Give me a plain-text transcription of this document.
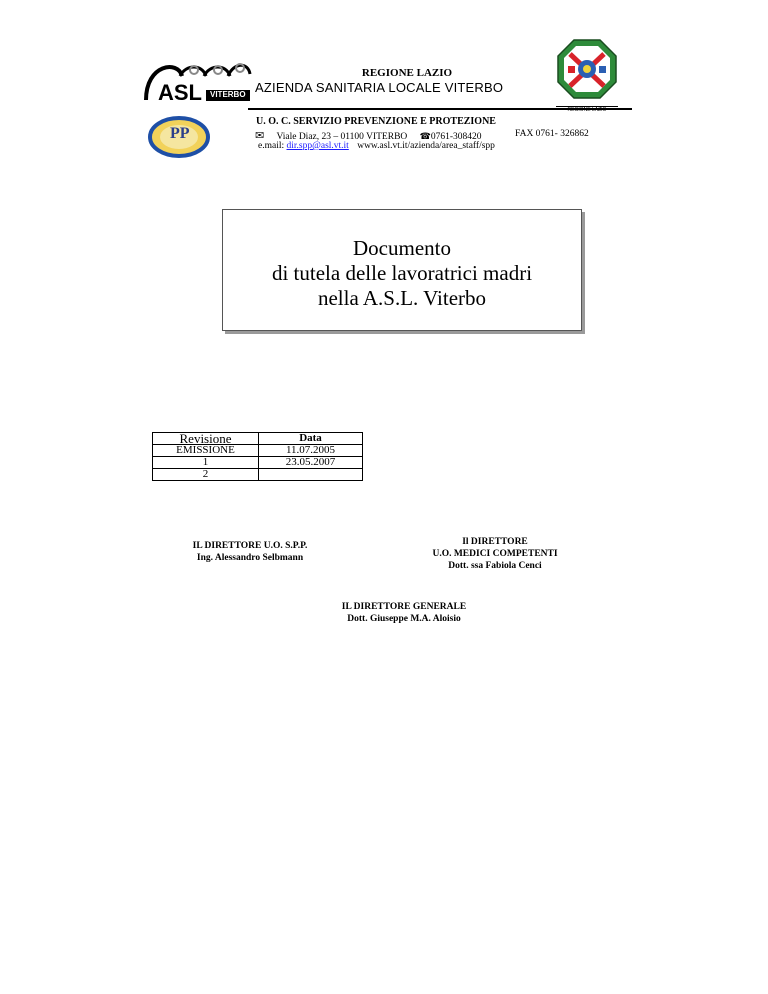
ASL VITERBO
REGIONE LAZIO
AZIENDA SANITARIA LOCALE VITERBO
REGIONE LAZIO
PP
U. O. C. SERVIZIO PREVENZIONE E PROTEZIONE
✉ Viale Diaz, 23 – 01100 VITERBO ☎0761-308420	FAX 0761- 326862
e.mail: dir.spp@asl.vt.it www.asl.vt.it/azienda/area_staff/spp
Documento
di tutela delle lavoratrici madri
nella A.S.L. Viterbo
Revisione	Data
EMISSIONE	11.07.2005
1	23.05.2007
2	
IL DIRETTORE U.O. S.P.P.
Ing. Alessandro Selbmann
Il DIRETTORE
U.O. MEDICI COMPETENTI
Dott. ssa Fabiola Cenci
IL DIRETTORE GENERALE
Dott. Giuseppe M.A. Aloisio
